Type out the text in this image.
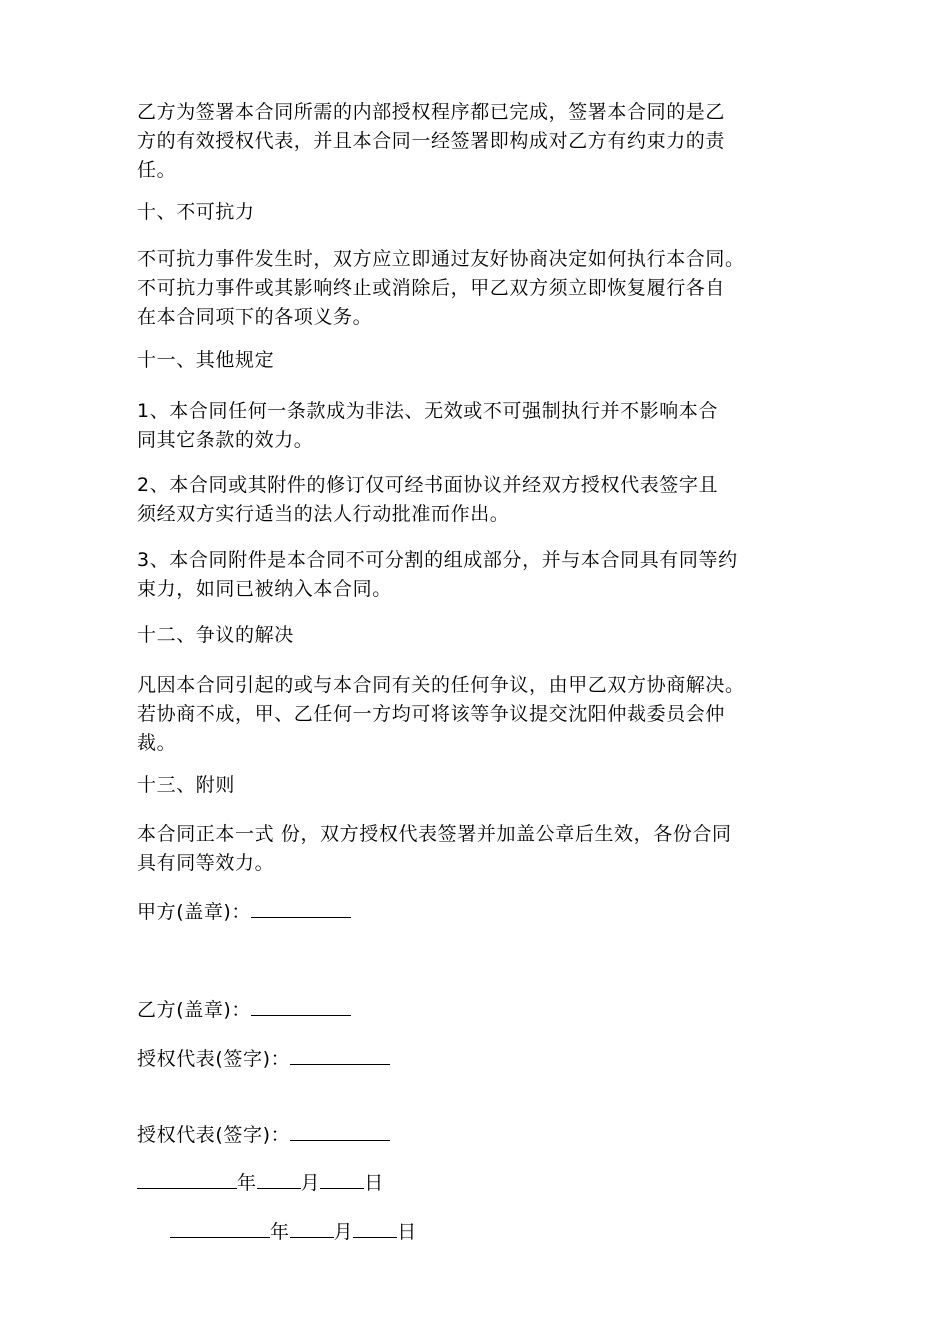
乙方为签署本合同所需的内部授权程序都已完成，签署本合同的是乙
方的有效授权代表，并且本合同一经签署即构成对乙方有约束力的责
任。

十、不可抗力

不可抗力事件发生时，双方应立即通过友好协商决定如何执行本合同。
不可抗力事件或其影响终止或消除后，甲乙双方须立即恢复履行各自
在本合同项下的各项义务。

十一、其他规定

1、本合同任何一条款成为非法、无效或不可强制执行并不影响本合
同其它条款的效力。

2、本合同或其附件的修订仅可经书面协议并经双方授权代表签字且
须经双方实行适当的法人行动批准而作出。

3、本合同附件是本合同不可分割的组成部分，并与本合同具有同等约
束力，如同已被纳入本合同。

十二、争议的解决

凡因本合同引起的或与本合同有关的任何争议，由甲乙双方协商解决。
若协商不成，甲、乙任何一方均可将该等争议提交沈阳仲裁委员会仲
裁。

十三、附则

本合同正本一式 份，双方授权代表签署并加盖公章后生效，各份合同
具有同等效力。

甲方(盖章)：
乙方(盖章)：
授权代表(签字)：
授权代表(签字)：
年 月 日
年 月 日
